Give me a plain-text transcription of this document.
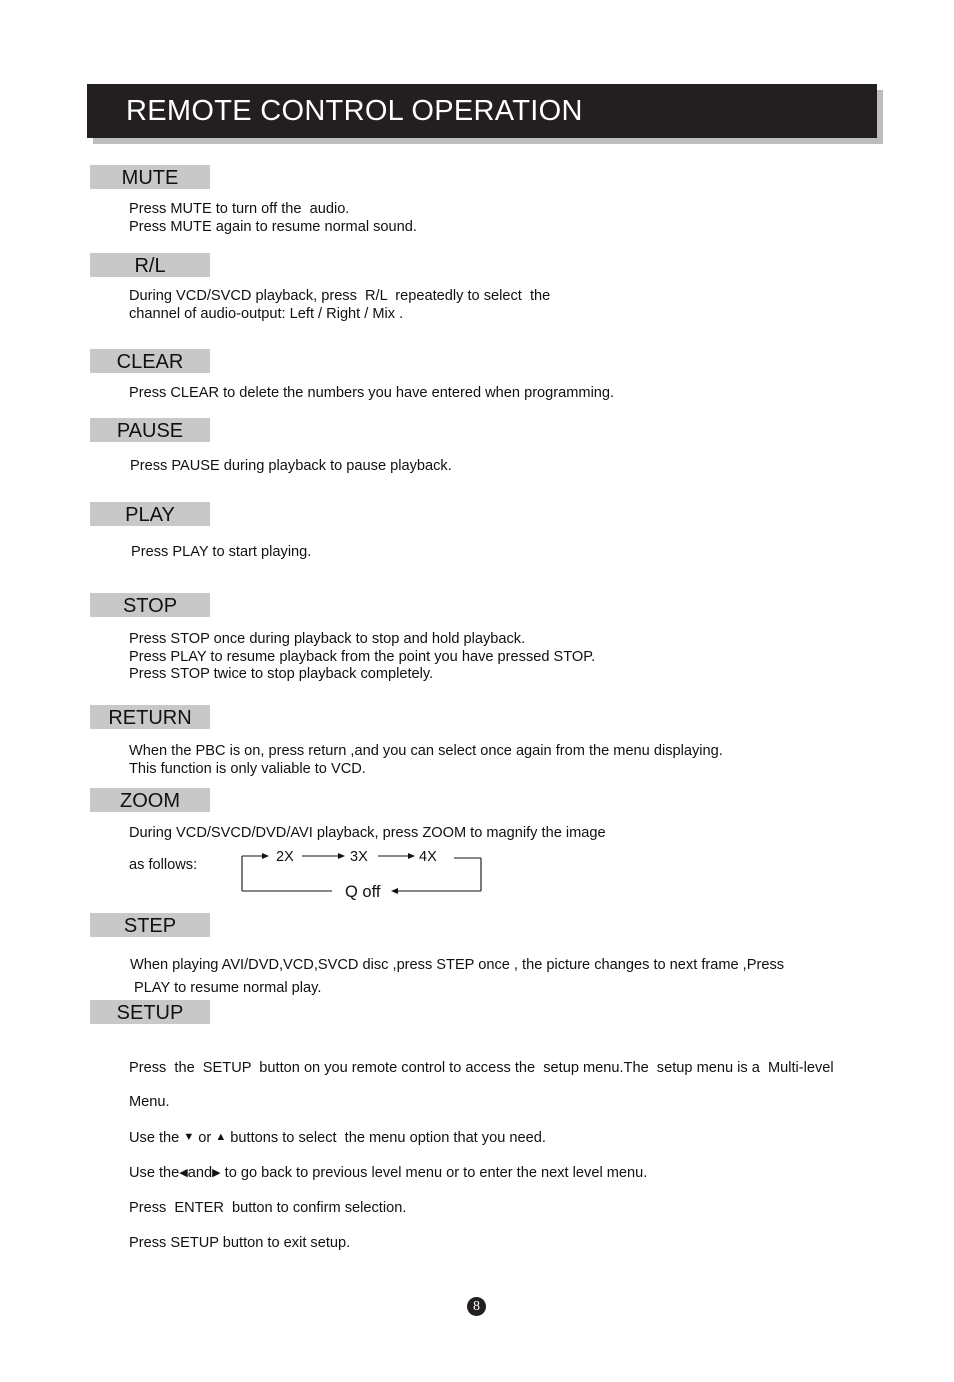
REMOTE CONTROL OPERATION
MUTE
Press MUTE to turn off the  audio.
Press MUTE again to resume normal sound.
R/L
During VCD/SVCD playback, press  R/L  repeatedly to select  the
channel of audio-output: Left / Right / Mix .
CLEAR
Press CLEAR to delete the numbers you have entered when programming.
PAUSE
Press PAUSE during playback to pause playback.
PLAY
Press PLAY to start playing.
STOP
Press STOP once during playback to stop and hold playback.
Press PLAY to resume playback from the point you have pressed STOP.
Press STOP twice to stop playback completely.
RETURN
When the PBC is on, press return ,and you can select once again from the menu displaying.
This function is only valiable to VCD.
ZOOM
During VCD/SVCD/DVD/AVI playback, press ZOOM to magnify the image
as follows:	2X	3X	4X
Q off
STEP
When playing AVI/DVD,VCD,SVCD disc ,press STEP once , the picture changes to next frame ,Press
PLAY to resume normal play.
SETUP

Press  the  SETUP  button on you remote control to access the  setup menu.The  setup menu is a  Multi-level

Menu.

Use the ▼ or ▲ buttons to select  the menu option that you need.

Use the◀and▶ to go back to previous level menu or to enter the next level menu.

Press  ENTER  button to confirm selection.

Press SETUP button to exit setup.

8
